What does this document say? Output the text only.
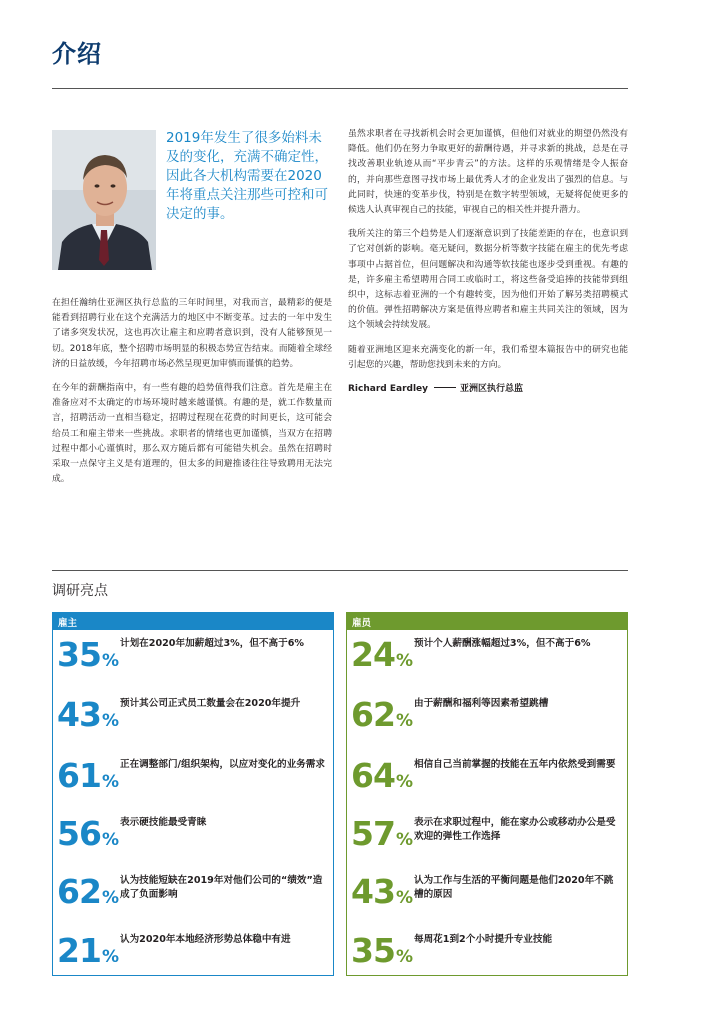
介绍
2019年发生了很多始料未及的变化，充满不确定性，因此各大机构需要在2020年将重点关注那些可控和可决定的事。

在担任瀚纳仕亚洲区执行总监的三年时间里，对我而言，最精彩的便是能看到招聘行业在这个充满活力的地区中不断变革。过去的一年中发生了诸多突发状况，这也再次让雇主和应聘者意识到，没有人能够预见一切。2018年底，整个招聘市场明显的积极态势宣告结束。而随着全球经济的日益放缓，今年招聘市场必然呈现更加审慎而谨慎的趋势。

在今年的薪酬指南中，有一些有趣的趋势值得我们注意。首先是雇主在准备应对不太确定的市场环境时越来越谨慎。有趣的是，就工作数量而言，招聘活动一直相当稳定，招聘过程现在花费的时间更长，这可能会给员工和雇主带来一些挑战。求职者的情绪也更加谨慎，当双方在招聘过程中都小心谨慎时，那么双方随后都有可能错失机会。虽然在招聘时采取一点保守主义是有道理的，但太多的间避推诿往往导致聘用无法完成。

虽然求职者在寻找新机会时会更加谨慎，但他们对就业的期望仍然没有降低。他们仍在努力争取更好的薪酬待遇，并寻求新的挑战，总是在寻找改善职业轨迹从而“平步青云”的方法。这样的乐观情绪是令人振奋的，并向那些意图寻找市场上最优秀人才的企业发出了强烈的信息。与此同时，快速的变革步伐，特别是在数字转型领域，无疑将促使更多的候选人认真审视自己的技能，审视自己的相关性并提升潜力。

我所关注的第三个趋势是人们逐渐意识到了技能差距的存在，也意识到了它对创新的影响。毫无疑问，数据分析等数字技能在雇主的优先考虑事项中占据首位，但问题解决和沟通等软技能也逐步受到重视。有趣的是，许多雇主希望聘用合同工或临时工，将这些备受追捧的技能带到组织中，这标志着亚洲的一个有趣转变，因为他们开始了解另类招聘模式的价值。弹性招聘解决方案是值得应聘者和雇主共同关注的领域，因为这个领域会持续发展。

随着亚洲地区迎来充满变化的新一年，我们希望本篇报告中的研究也能引起您的兴趣，帮助您找到未来的方向。

Richard Eardley	亚洲区执行总监
调研亮点
雇主
35%
计划在2020年加薪超过3%，但不高于6%
43%
预计其公司正式员工数量会在2020年提升
61%
正在调整部门/组织架构，以应对变化的业务需求
56%
表示硬技能最受青睐
62%
认为技能短缺在2019年对他们公司的“绩效”造成了负面影响
21%
认为2020年本地经济形势总体稳中有进
雇员
24%
预计个人薪酬涨幅超过3%，但不高于6%
62%
由于薪酬和福利等因素希望跳槽
64%
相信自己当前掌握的技能在五年内依然受到需要
57%
表示在求职过程中，能在家办公或移动办公是受欢迎的弹性工作选择
43%
认为工作与生活的平衡问题是他们2020年不跳槽的原因
35%
每周花1到2个小时提升专业技能
